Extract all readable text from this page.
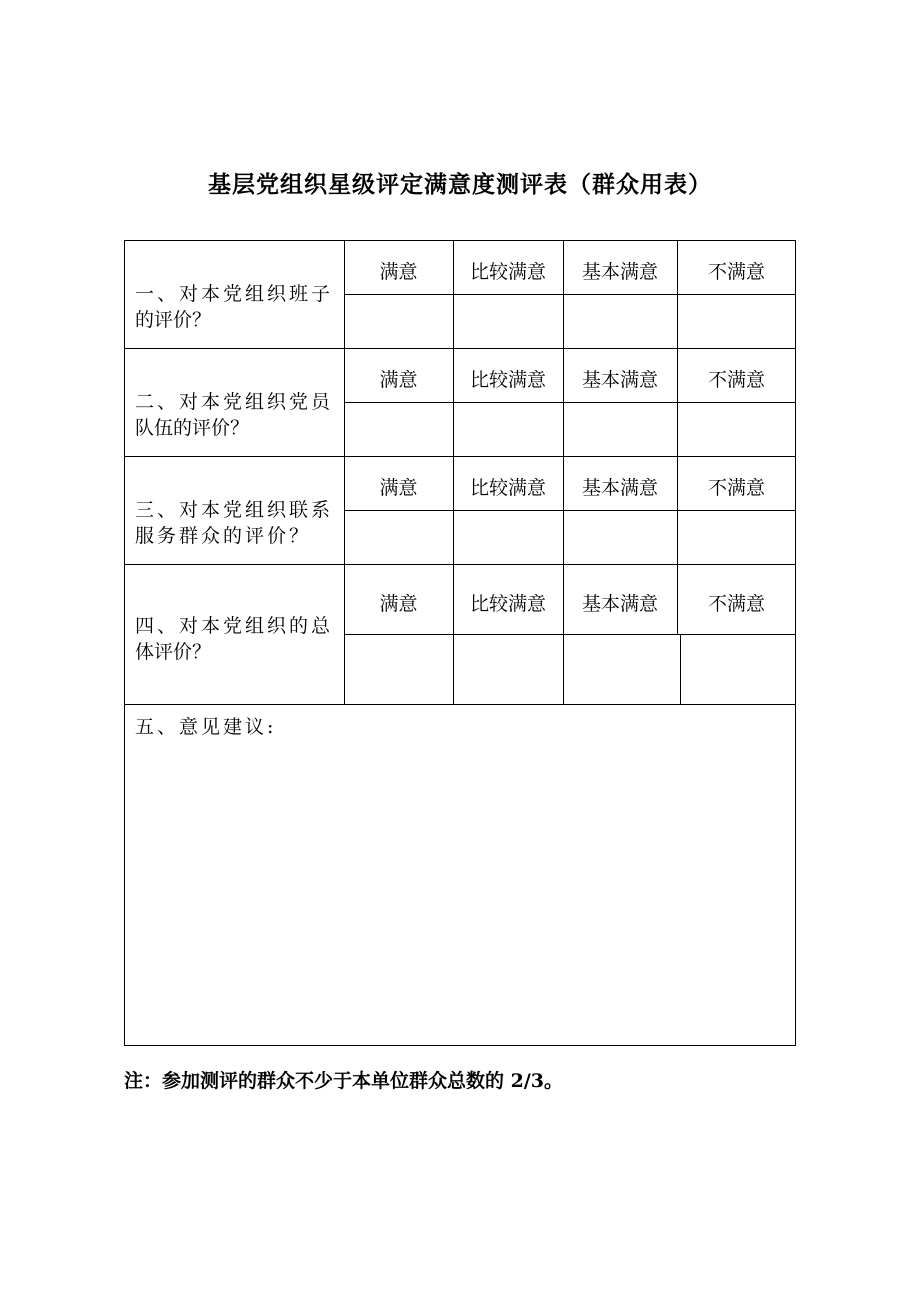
基层党组织星级评定满意度测评表（群众用表）
一、对本党组织班子
的评价？
满意	比较满意	基本满意	不满意
二、对本党组织党员
队伍的评价？
满意	比较满意	基本满意	不满意
三、对本党组织联系
服务群众的评价？
满意	比较满意	基本满意	不满意
四、对本党组织的总
体评价？
满意	比较满意	基本满意	不满意
五、意见建议:
注：参加测评的群众不少于本单位群众总数的 2/3。
